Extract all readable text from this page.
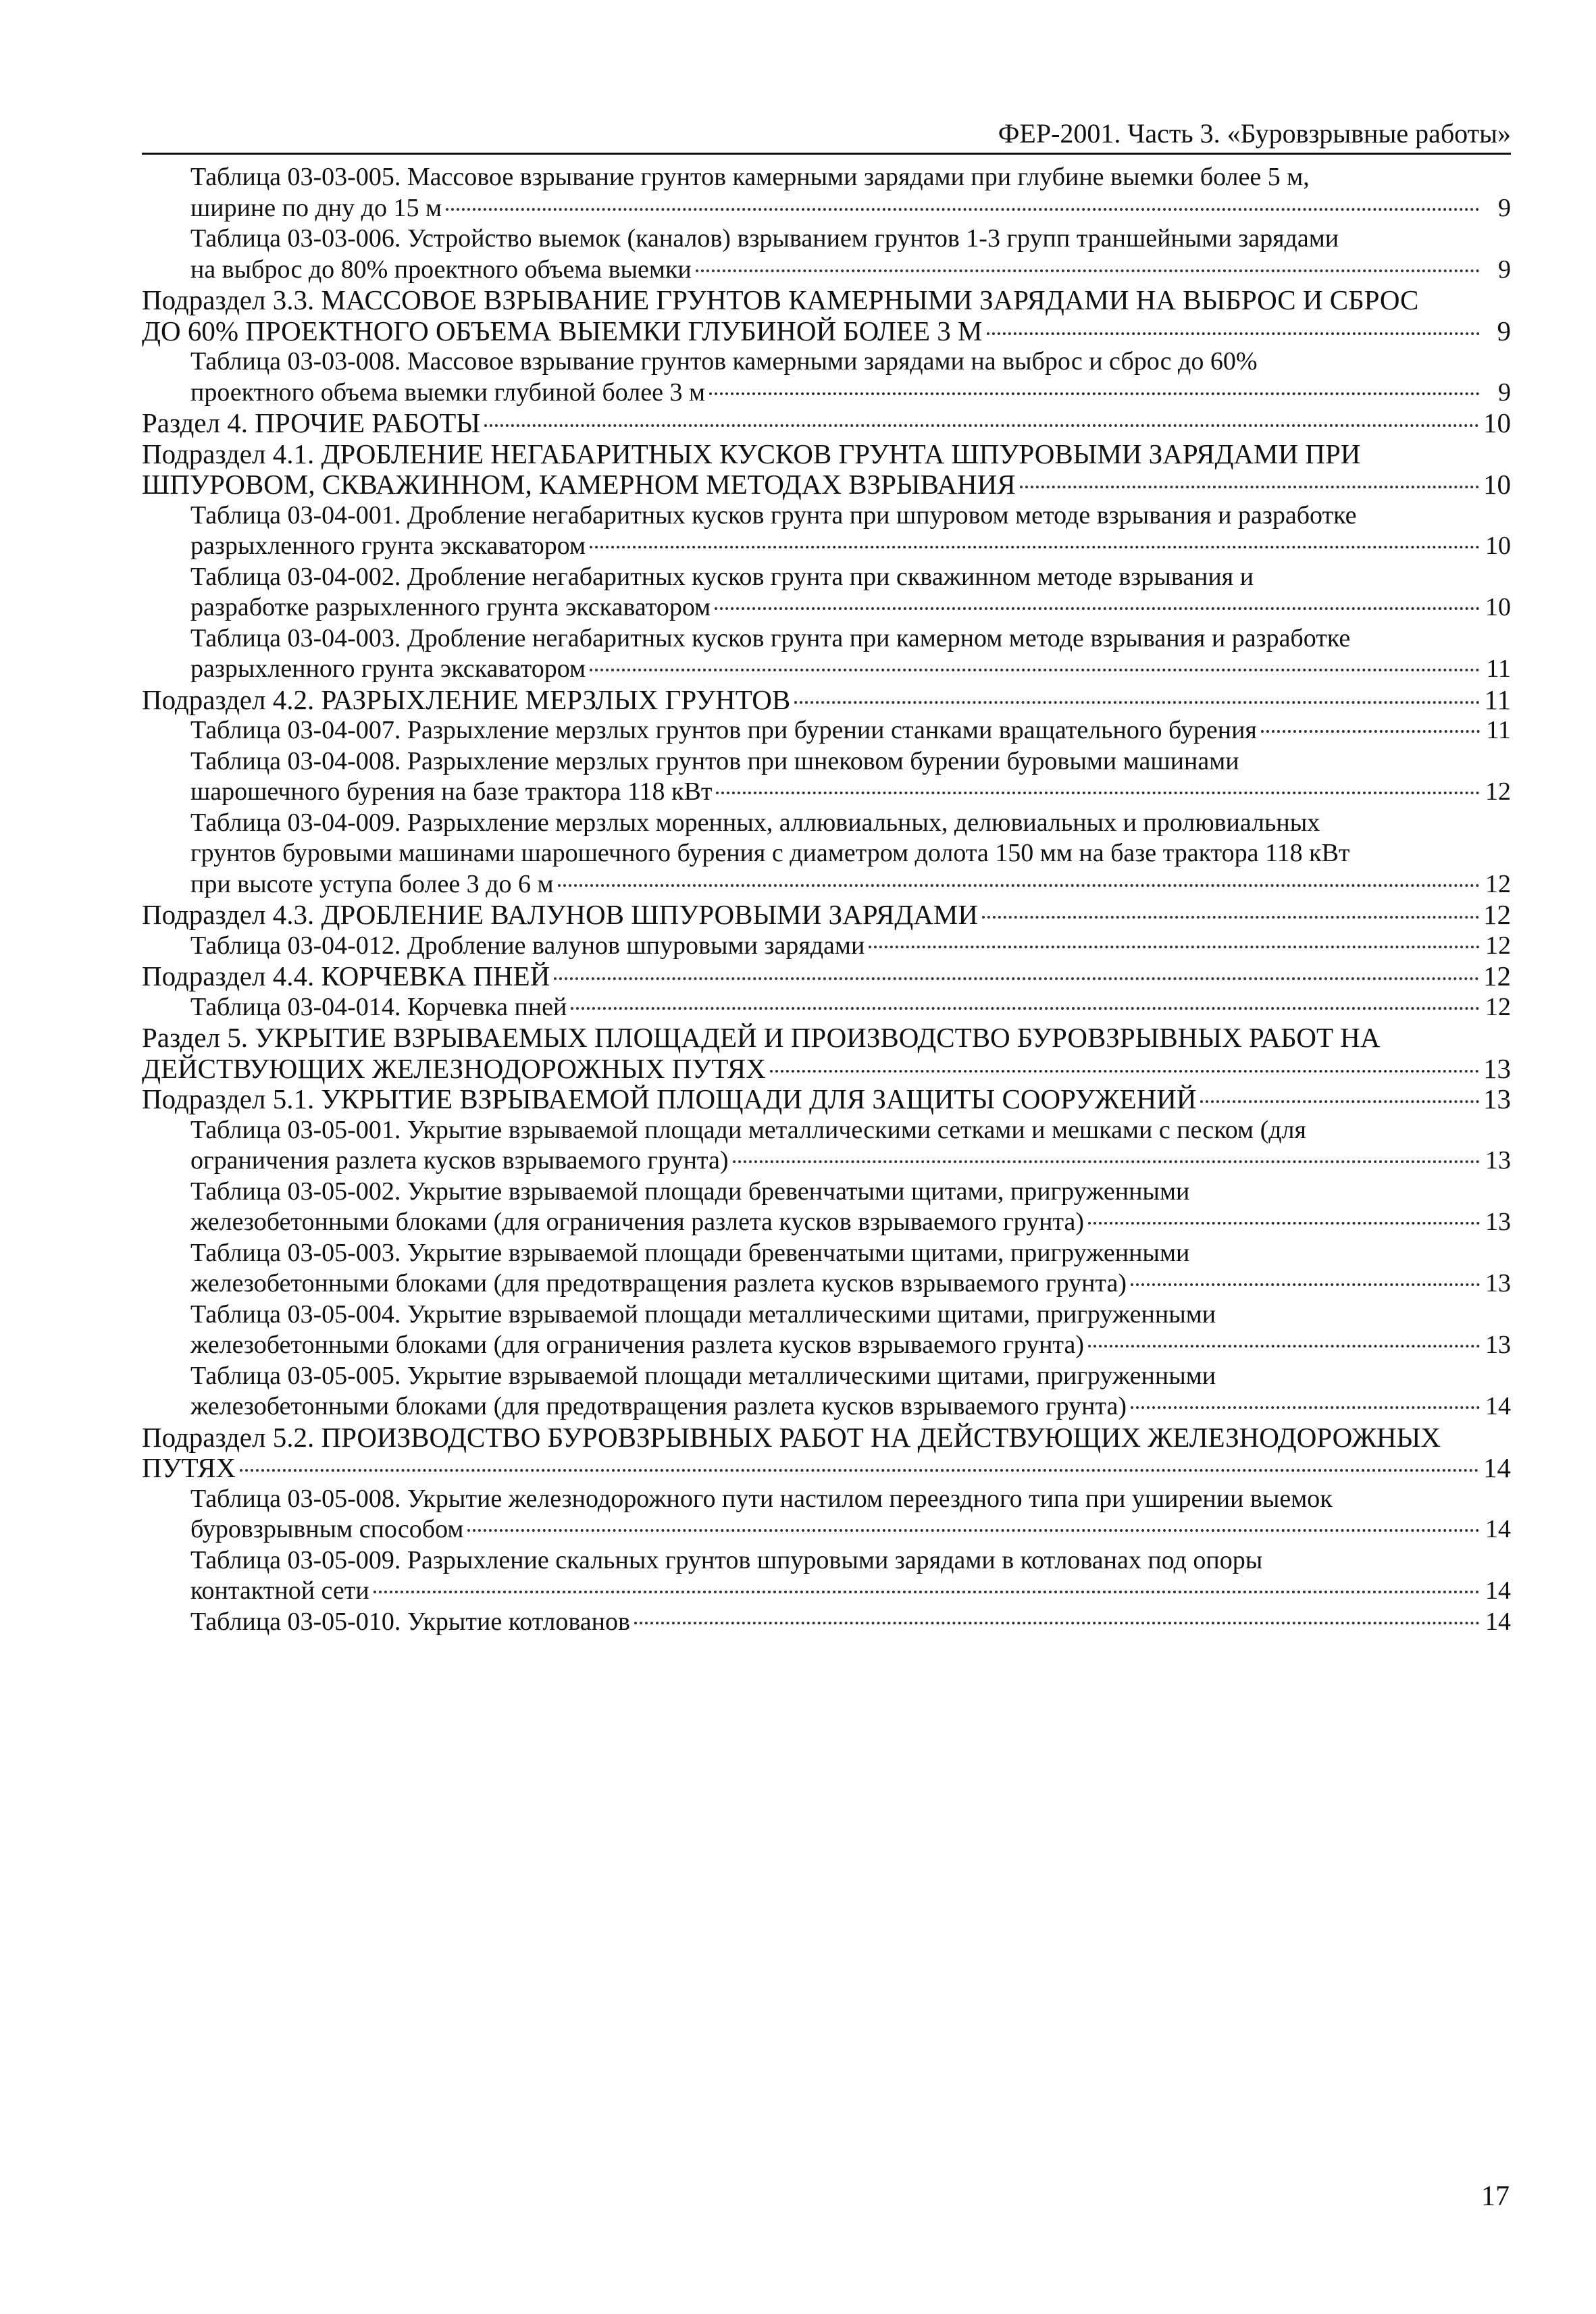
ФЕР-2001. Часть 3. «Буровзрывные работы»
Таблица 03-03-005. Массовое взрывание грунтов камерными зарядами при глубине выемки более 5 м,
ширине по дну до 15 м	9
Таблица 03-03-006. Устройство выемок (каналов) взрыванием грунтов 1-3 групп траншейными зарядами
на выброс до 80% проектного объема выемки	9
Подраздел 3.3. МАССОВОЕ ВЗРЫВАНИЕ ГРУНТОВ КАМЕРНЫМИ ЗАРЯДАМИ НА ВЫБРОС И СБРОС
ДО 60% ПРОЕКТНОГО ОБЪЕМА ВЫЕМКИ ГЛУБИНОЙ БОЛЕЕ 3 М	9
Таблица 03-03-008. Массовое взрывание грунтов камерными зарядами на выброс и сброс до 60%
проектного объема выемки глубиной более 3 м	9
Раздел 4. ПРОЧИЕ РАБОТЫ	10
Подраздел 4.1. ДРОБЛЕНИЕ НЕГАБАРИТНЫХ КУСКОВ ГРУНТА ШПУРОВЫМИ ЗАРЯДАМИ ПРИ
ШПУРОВОМ, СКВАЖИННОМ, КАМЕРНОМ МЕТОДАХ ВЗРЫВАНИЯ	10
Таблица 03-04-001. Дробление негабаритных кусков грунта при шпуровом методе взрывания и разработке
разрыхленного грунта экскаватором	10
Таблица 03-04-002. Дробление негабаритных кусков грунта при скважинном методе взрывания и
разработке разрыхленного грунта экскаватором	10
Таблица 03-04-003. Дробление негабаритных кусков грунта при камерном методе взрывания и разработке
разрыхленного грунта экскаватором	11
Подраздел 4.2. РАЗРЫХЛЕНИЕ МЕРЗЛЫХ ГРУНТОВ	11
Таблица 03-04-007. Разрыхление мерзлых грунтов при бурении станками вращательного бурения	11
Таблица 03-04-008. Разрыхление мерзлых грунтов при шнековом бурении буровыми машинами
шарошечного бурения на базе трактора 118 кВт	12
Таблица 03-04-009. Разрыхление мерзлых моренных, аллювиальных, делювиальных и пролювиальных
грунтов буровыми машинами шарошечного бурения с диаметром долота 150 мм на базе трактора 118 кВт
при высоте уступа более 3 до 6 м	12
Подраздел 4.3. ДРОБЛЕНИЕ ВАЛУНОВ ШПУРОВЫМИ ЗАРЯДАМИ	12
Таблица 03-04-012. Дробление валунов шпуровыми зарядами	12
Подраздел 4.4. КОРЧЕВКА ПНЕЙ	12
Таблица 03-04-014. Корчевка пней	12
Раздел 5. УКРЫТИЕ ВЗРЫВАЕМЫХ ПЛОЩАДЕЙ И ПРОИЗВОДСТВО БУРОВЗРЫВНЫХ РАБОТ НА
ДЕЙСТВУЮЩИХ ЖЕЛЕЗНОДОРОЖНЫХ ПУТЯХ	13
Подраздел 5.1. УКРЫТИЕ ВЗРЫВАЕМОЙ ПЛОЩАДИ ДЛЯ ЗАЩИТЫ СООРУЖЕНИЙ	13
Таблица 03-05-001. Укрытие взрываемой площади металлическими сетками и мешками с песком (для
ограничения разлета кусков взрываемого грунта)	13
Таблица 03-05-002. Укрытие взрываемой площади бревенчатыми щитами, пригруженными
железобетонными блоками (для ограничения разлета кусков взрываемого грунта)	13
Таблица 03-05-003. Укрытие взрываемой площади бревенчатыми щитами, пригруженными
железобетонными блоками (для предотвращения разлета кусков взрываемого грунта)	13
Таблица 03-05-004. Укрытие взрываемой площади металлическими щитами, пригруженными
железобетонными блоками (для ограничения разлета кусков взрываемого грунта)	13
Таблица 03-05-005. Укрытие взрываемой площади металлическими щитами, пригруженными
железобетонными блоками (для предотвращения разлета кусков взрываемого грунта)	14
Подраздел 5.2. ПРОИЗВОДСТВО БУРОВЗРЫВНЫХ РАБОТ НА ДЕЙСТВУЮЩИХ ЖЕЛЕЗНОДОРОЖНЫХ
ПУТЯХ	14
Таблица 03-05-008. Укрытие железнодорожного пути настилом переездного типа при уширении выемок
буровзрывным способом	14
Таблица 03-05-009. Разрыхление скальных грунтов шпуровыми зарядами в котлованах под опоры
контактной сети	14
Таблица 03-05-010. Укрытие котлованов	14
17
